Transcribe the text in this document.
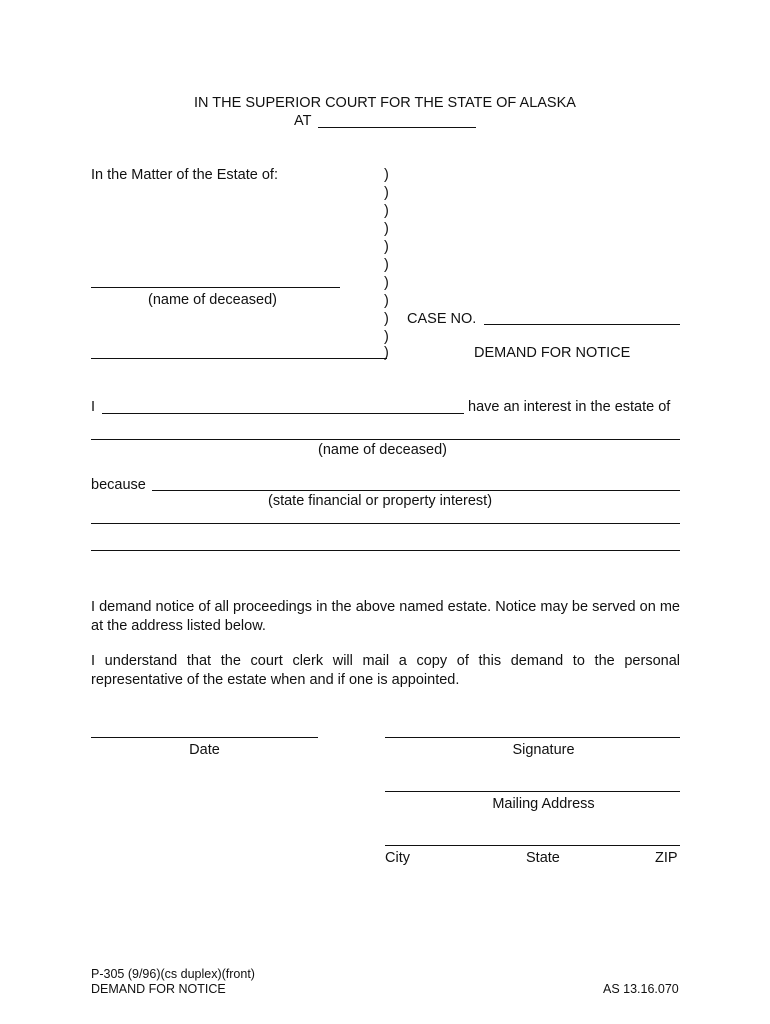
IN THE SUPERIOR COURT FOR THE STATE OF ALASKA
AT
In the Matter of the Estate of:
(name of deceased)
)
)
)
)
)
)
)
)
)
)
)
CASE NO.
DEMAND FOR NOTICE
I	have an interest in the estate of
(name of deceased)
because
(state financial or property interest)
I demand notice of all proceedings in the above named estate. Notice may be served on me at the address listed below.
I understand that the court clerk will mail a copy of this demand to the personal representative of the estate when and if one is appointed.
Date	Signature
Mailing Address
City	State	ZIP
P-305 (9/96)(cs duplex)(front)
DEMAND FOR NOTICE	AS 13.16.070
